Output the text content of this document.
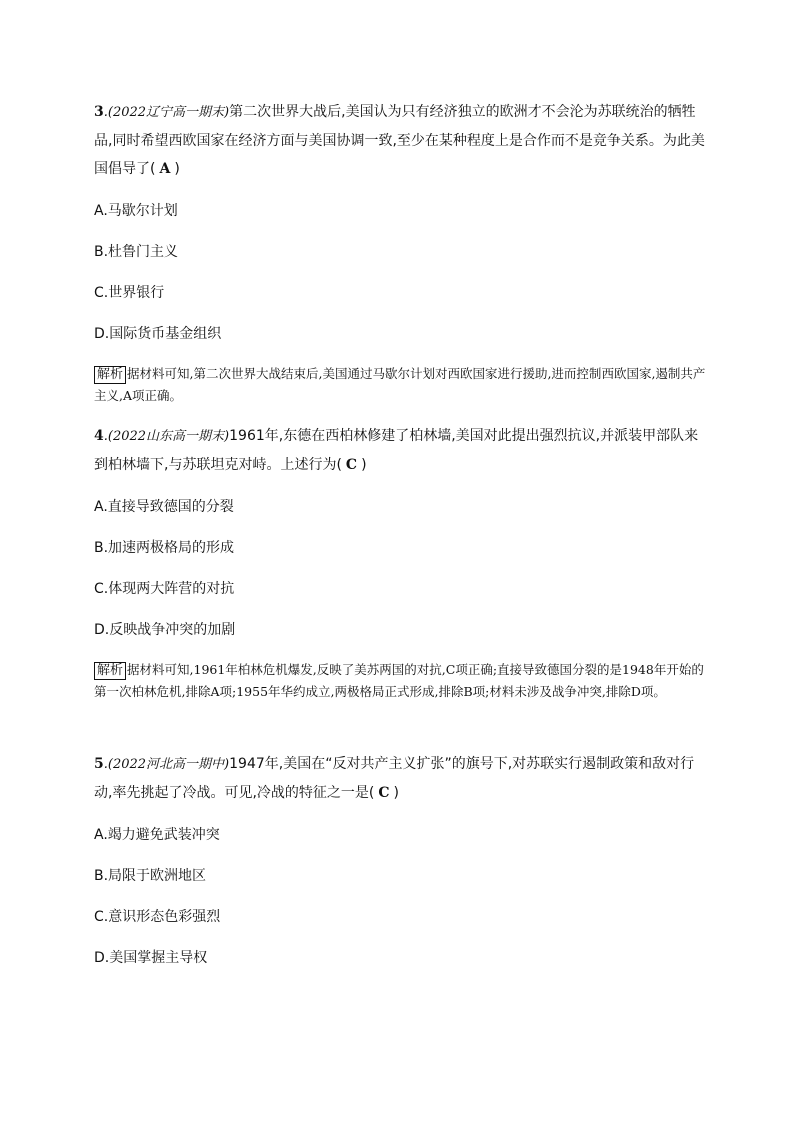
3.(2022辽宁高一期末)第二次世界大战后,美国认为只有经济独立的欧洲才不会沦为苏联统治的牺牲品,同时希望西欧国家在经济方面与美国协调一致,至少在某种程度上是合作而不是竞争关系。为此美国倡导了( A )

A.马歇尔计划

B.杜鲁门主义

C.世界银行

D.国际货币基金组织

解析 据材料可知,第二次世界大战结束后,美国通过马歇尔计划对西欧国家进行援助,进而控制西欧国家,遏制共产主义,A项正确。

4.(2022山东高一期末)1961年,东德在西柏林修建了柏林墙,美国对此提出强烈抗议,并派装甲部队来到柏林墙下,与苏联坦克对峙。上述行为( C )

A.直接导致德国的分裂

B.加速两极格局的形成

C.体现两大阵营的对抗

D.反映战争冲突的加剧

解析 据材料可知,1961年柏林危机爆发,反映了美苏两国的对抗,C项正确;直接导致德国分裂的是1948年开始的第一次柏林危机,排除A项;1955年华约成立,两极格局正式形成,排除B项;材料未涉及战争冲突,排除D项。

5.(2022河北高一期中)1947年,美国在“反对共产主义扩张”的旗号下,对苏联实行遏制政策和敌对行动,率先挑起了冷战。可见,冷战的特征之一是( C )

A.竭力避免武装冲突

B.局限于欧洲地区

C.意识形态色彩强烈

D.美国掌握主导权
